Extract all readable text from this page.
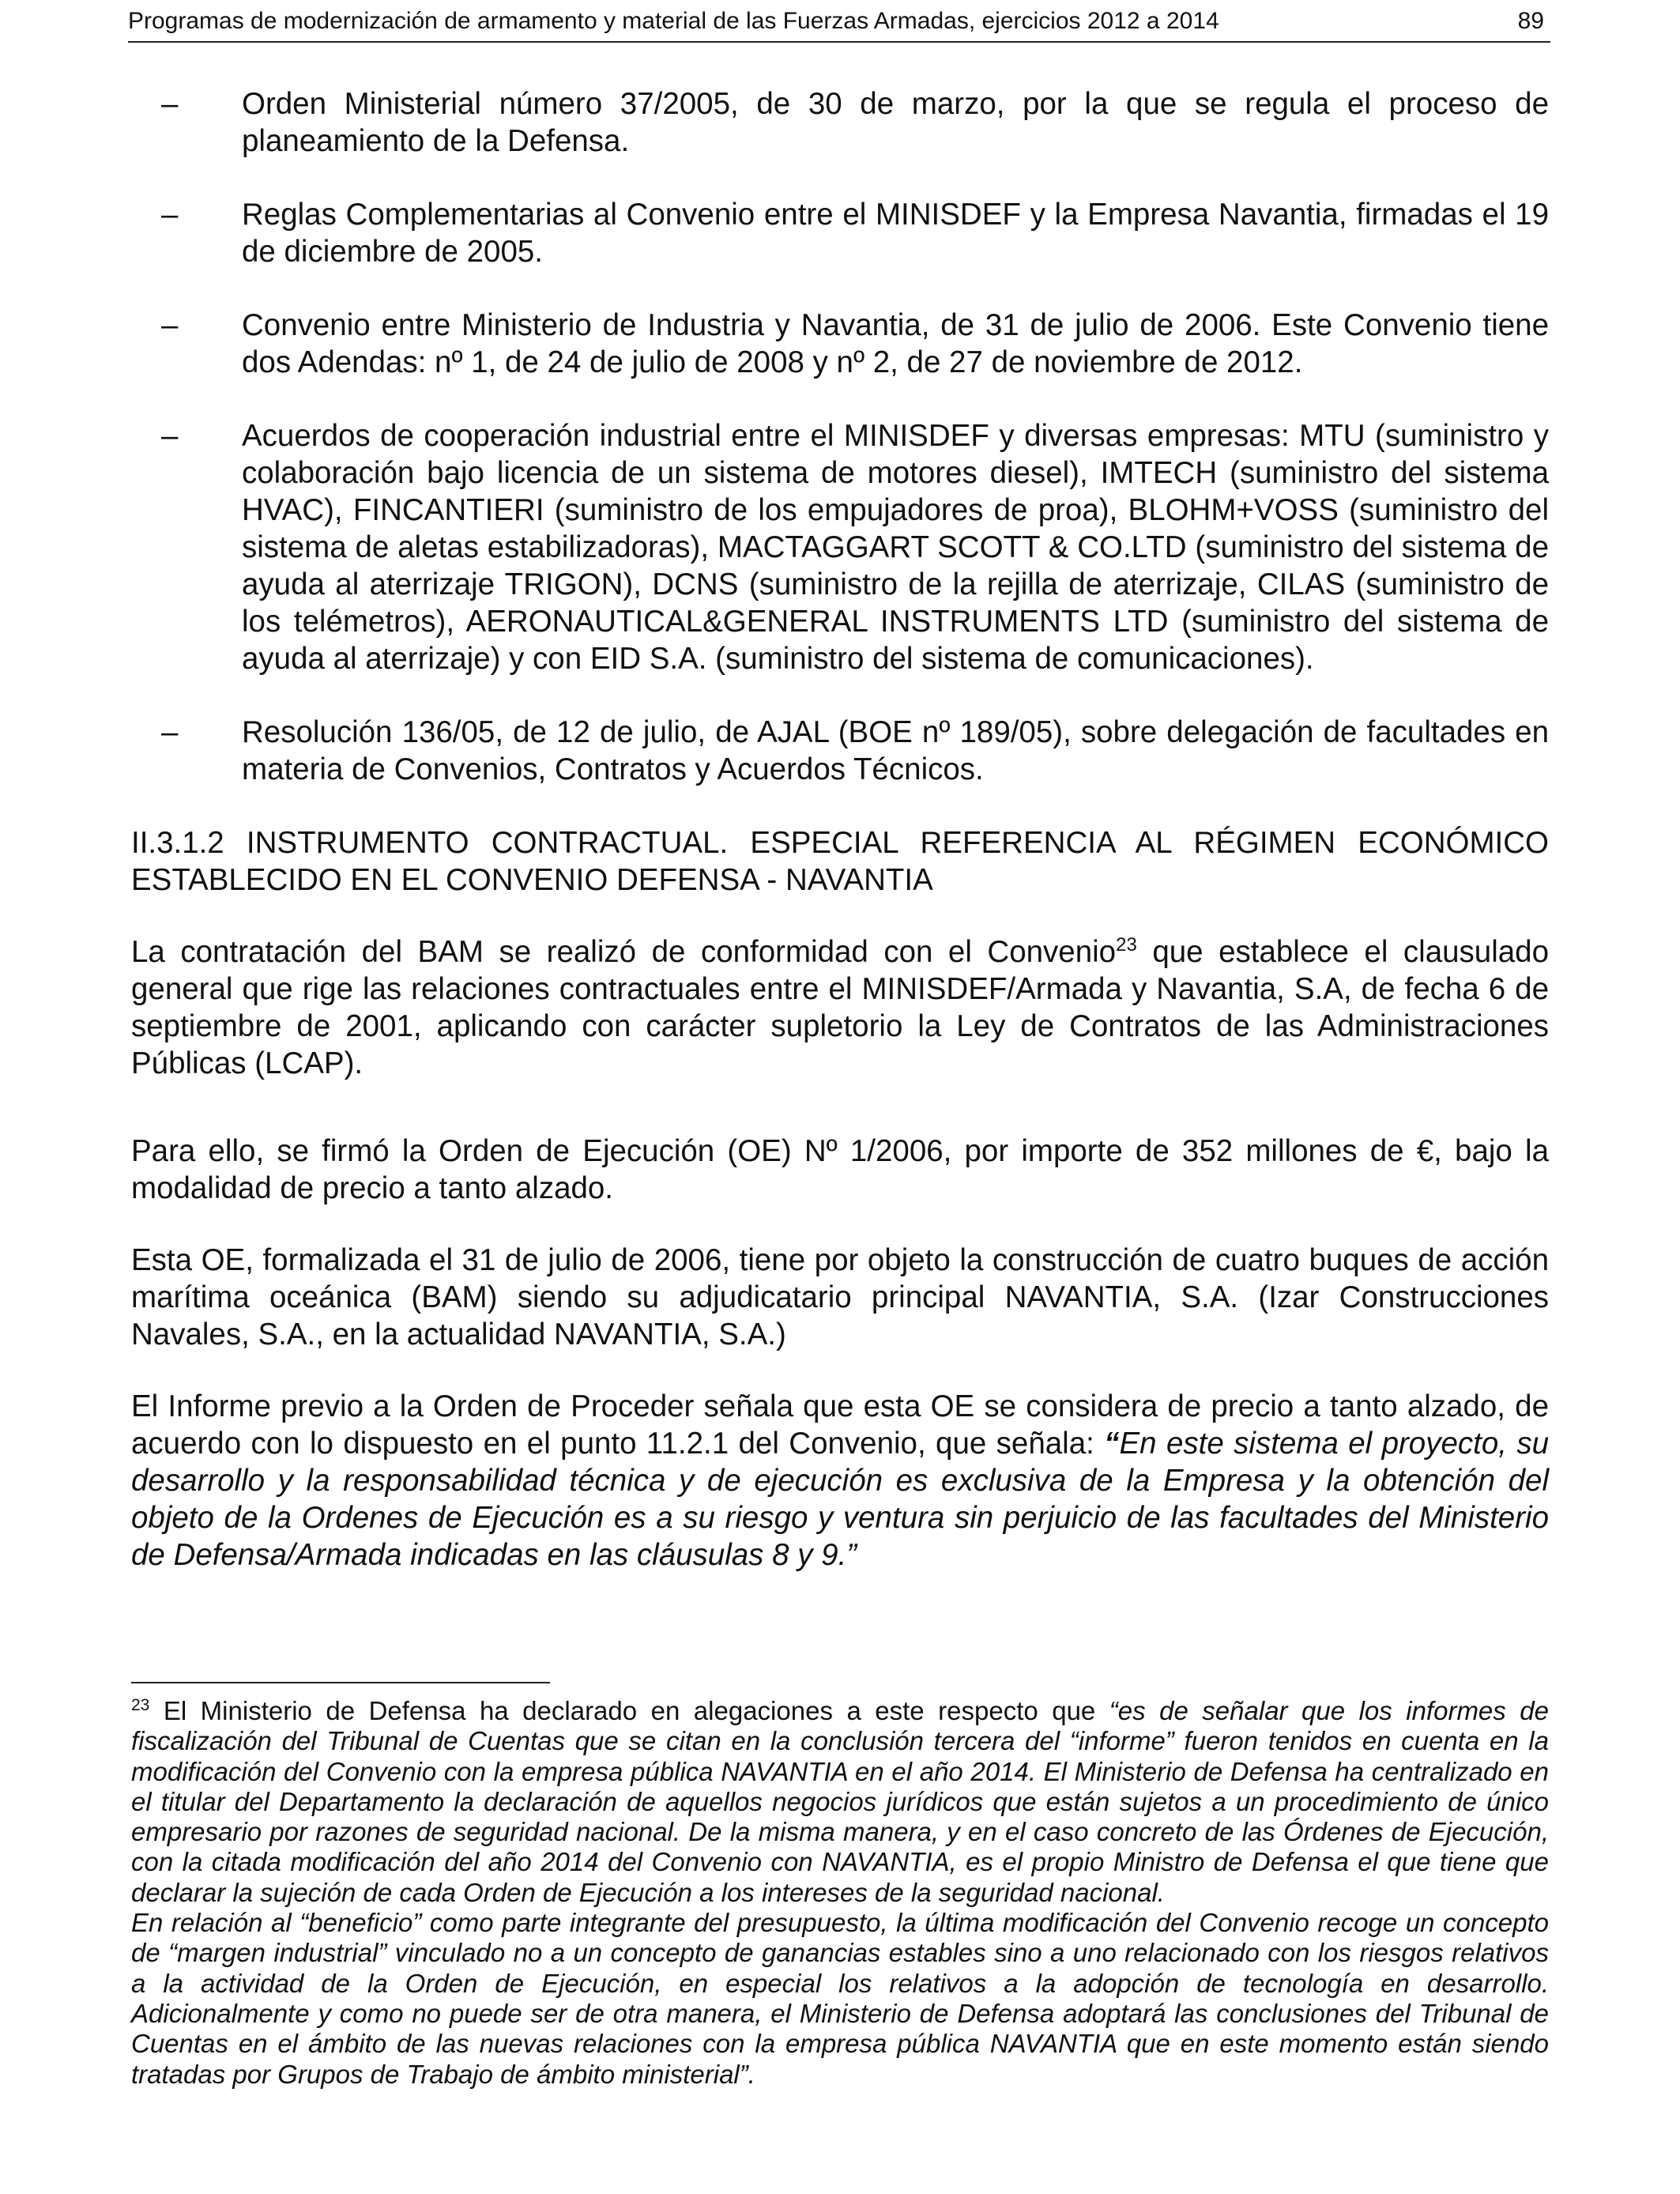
Programas de modernización de armamento y material de las Fuerzas Armadas, ejercicios 2012 a 2014	89
– Orden Ministerial número 37/2005, de 30 de marzo, por la que se regula el proceso de planeamiento de la Defensa.
– Reglas Complementarias al Convenio entre el MINISDEF y la Empresa Navantia, firmadas el 19 de diciembre de 2005.
– Convenio entre Ministerio de Industria y Navantia, de 31 de julio de 2006. Este Convenio tiene dos Adendas: nº 1, de 24 de julio de 2008 y nº 2, de 27 de noviembre de 2012.
– Acuerdos de cooperación industrial entre el MINISDEF y diversas empresas: MTU (suministro y colaboración bajo licencia de un sistema de motores diesel), IMTECH (suministro del sistema HVAC), FINCANTIERI (suministro de los empujadores de proa), BLOHM+VOSS (suministro del sistema de aletas estabilizadoras), MACTAGGART SCOTT & CO.LTD (suministro del sistema de ayuda al aterrizaje TRIGON), DCNS (suministro de la rejilla de aterrizaje, CILAS (suministro de los telémetros), AERONAUTICAL&GENERAL INSTRUMENTS LTD (suministro del sistema de ayuda al aterrizaje) y con EID S.A. (suministro del sistema de comunicaciones).
– Resolución 136/05, de 12 de julio, de AJAL (BOE nº 189/05), sobre delegación de facultades en materia de Convenios, Contratos y Acuerdos Técnicos.
II.3.1.2 INSTRUMENTO CONTRACTUAL. ESPECIAL REFERENCIA AL RÉGIMEN ECONÓMICO ESTABLECIDO EN EL CONVENIO DEFENSA - NAVANTIA

La contratación del BAM se realizó de conformidad con el Convenio$^{23}$ que establece el clausulado general que rige las relaciones contractuales entre el MINISDEF/Armada y Navantia, S.A, de fecha 6 de septiembre de 2001, aplicando con carácter supletorio la Ley de Contratos de las Administraciones Públicas (LCAP).

Para ello, se firmó la Orden de Ejecución (OE) Nº 1/2006, por importe de 352 millones de €, bajo la modalidad de precio a tanto alzado.

Esta OE, formalizada el 31 de julio de 2006, tiene por objeto la construcción de cuatro buques de acción marítima oceánica (BAM) siendo su adjudicatario principal NAVANTIA, S.A. (Izar Construcciones Navales, S.A., en la actualidad NAVANTIA, S.A.)

El Informe previo a la Orden de Proceder señala que esta OE se considera de precio a tanto alzado, de acuerdo con lo dispuesto en el punto 11.2.1 del Convenio, que señala: “En este sistema el proyecto, su desarrollo y la responsabilidad técnica y de ejecución es exclusiva de la Empresa y la obtención del objeto de la Ordenes de Ejecución es a su riesgo y ventura sin perjuicio de las facultades del Ministerio de Defensa/Armada indicadas en las cláusulas 8 y 9.”

$^{23}$ El Ministerio de Defensa ha declarado en alegaciones a este respecto que “es de señalar que los informes de fiscalización del Tribunal de Cuentas que se citan en la conclusión tercera del “informe” fueron tenidos en cuenta en la modificación del Convenio con la empresa pública NAVANTIA en el año 2014. El Ministerio de Defensa ha centralizado en el titular del Departamento la declaración de aquellos negocios jurídicos que están sujetos a un procedimiento de único empresario por razones de seguridad nacional. De la misma manera, y en el caso concreto de las Órdenes de Ejecución, con la citada modificación del año 2014 del Convenio con NAVANTIA, es el propio Ministro de Defensa el que tiene que declarar la sujeción de cada Orden de Ejecución a los intereses de la seguridad nacional.

En relación al “beneficio” como parte integrante del presupuesto, la última modificación del Convenio recoge un concepto de “margen industrial” vinculado no a un concepto de ganancias estables sino a uno relacionado con los riesgos relativos a la actividad de la Orden de Ejecución, en especial los relativos a la adopción de tecnología en desarrollo. Adicionalmente y como no puede ser de otra manera, el Ministerio de Defensa adoptará las conclusiones del Tribunal de Cuentas en el ámbito de las nuevas relaciones con la empresa pública NAVANTIA que en este momento están siendo tratadas por Grupos de Trabajo de ámbito ministerial”.
